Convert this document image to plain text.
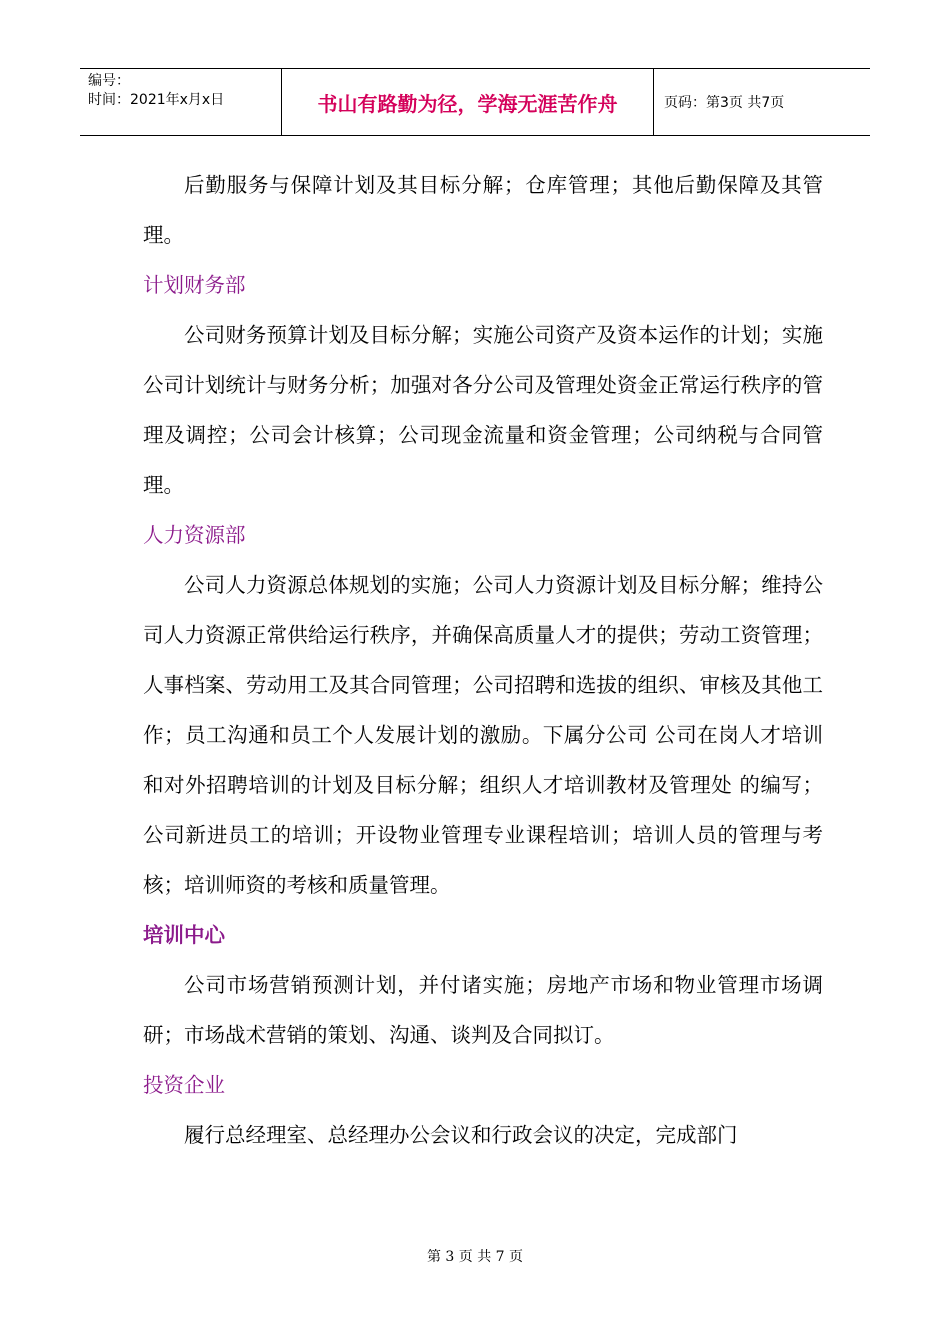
编号：
时间：2021年x月x日	书山有路勤为径，学海无涯苦作舟	页码：第3页 共7页

后勤服务与保障计划及其目标分解；仓库管理；其他后勤保障及其管理。

计划财务部

公司财务预算计划及目标分解；实施公司资产及资本运作的计划；实施公司计划统计与财务分析；加强对各分公司及管理处资金正常运行秩序的管理及调控；公司会计核算；公司现金流量和资金管理；公司纳税与合同管理。

人力资源部

公司人力资源总体规划的实施；公司人力资源计划及目标分解；维持公司人力资源正常供给运行秩序，并确保高质量人才的提供；劳动工资管理；人事档案、劳动用工及其合同管理；公司招聘和选拔的组织、审核及其他工作；员工沟通和员工个人发展计划的激励。下属分公司 公司在岗人才培训和对外招聘培训的计划及目标分解；组织人才培训教材及管理处 的编写；公司新进员工的培训；开设物业管理专业课程培训；培训人员的管理与考核；培训师资的考核和质量管理。

培训中心

公司市场营销预测计划，并付诸实施；房地产市场和物业管理市场调研；市场战术营销的策划、沟通、谈判及合同拟订。

投资企业

履行总经理室、总经理办公会议和行政会议的决定，完成部门

第 3 页 共 7 页
